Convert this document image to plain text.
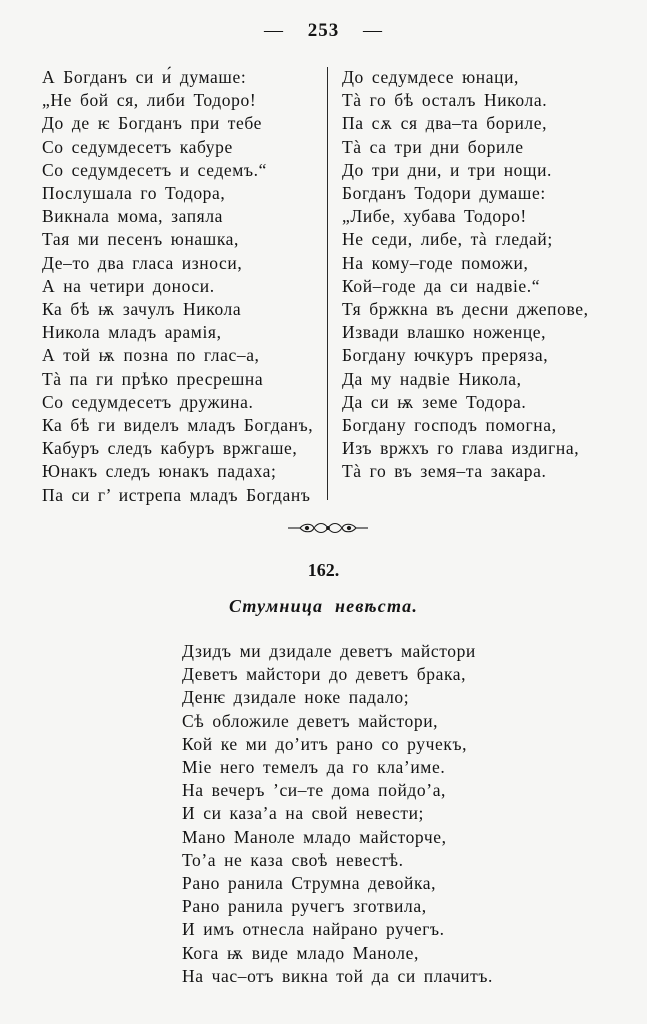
— 253 —
А Богданъ си и́ думаше:
„Не бой ся, либи Тодоро!
До де ѥ Богданъ при тебе
Со седумдесетъ кабуре
Со седумдесетъ и седемъ.“
Послушала го Тодора,
Викнала мома, запяла
Тая ми песенъ юнашка,
Де–то два гласа износи,
А на четири доноси.
Ка бѣ ѭ зачулъ Никола
Никола младъ арамія,
А той ѭ позна по глас–а,
Тà па ги прѣко пресрешна
Со седумдесетъ дружина.
Ка бѣ ги виделъ младъ Богданъ,
Кабуръ следъ кабуръ вржгаше,
Юнакъ следъ юнакъ падаха;
Па си г’ истрепа младъ Богданъ
До седумдесе юнаци,
Тà го бѣ осталъ Никола.
Па сѫ ся два–та бориле,
Тà са три дни бориле
До три дни, и три нощи.
Богданъ Тодори думаше:
„Либе, хубава Тодоро!
Не седи, либе, тà гледай;
На кому–годе поможи,
Кой–годе да си надвіе.“
Тя бржкна въ десни джепове,
Извади влашко ноженце,
Богдану ючкуръ преряза,
Да му надвіе Никола,
Да си ѭ земе Тодора.
Богдану господъ помогна,
Изъ вржхъ го глава издигна,
Тà го въ земя–та закара.
162.
Стумница невѣста.
Дзидъ ми дзидале деветъ майстори
Деветъ майстори до деветъ брака,
Денѥ дзидале ноке падало;
Сѣ обложиле деветъ майстори,
Кой ке ми до’итъ рано со ручекъ,
Міе него темелъ да го кла’име.
На вечеръ ’си–те дома пойдо’а,
И си каза’а на свой невести;
Мано Маноле младо майсторче,
То’а не каза своѣ невестѣ.
Рано ранила Струмна девойка,
Рано ранила ручегъ зготвила,
И имъ отнесла найрано ручегъ.
Кога ѭ виде младо Маноле,
На час–отъ викна той да си плачитъ.
